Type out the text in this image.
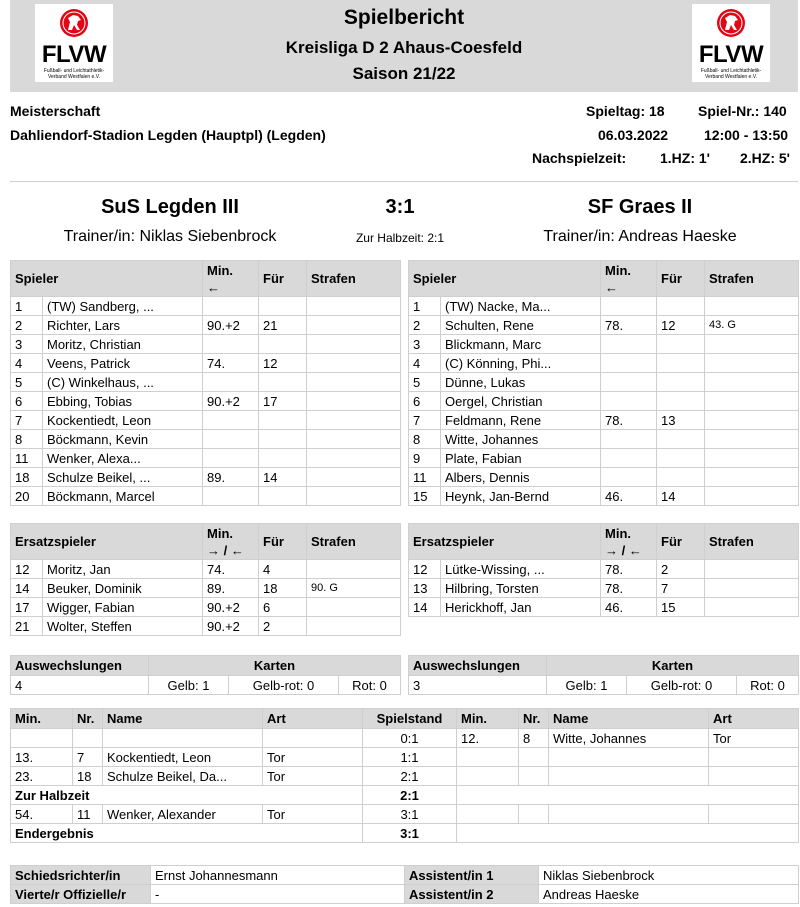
FLVW
Fußball- und Leichtathletik-Verband Westfalen e.V.
Spielbericht
Kreisliga D 2 Ahaus-Coesfeld
Saison 21/22
FLVW
Fußball- und Leichtathletik-Verband Westfalen e.V.
Meisterschaft
Dahliendorf-Stadion Legden (Hauptpl) (Legden)
Spieltag: 18 Spiel-Nr.: 140
06.03.2022	12:00 - 13:50
Nachspielzeit: 1.HZ: 1' 2.HZ: 5'
SuS Legden III	3:1	SF Graes II
Trainer/in: Niklas Siebenbrock	Zur Halbzeit: 2:1	Trainer/in: Andreas Haeske
Spieler		Min.
←	Für	Strafen
1	(TW) Sandberg, ...			
2	Richter, Lars	90.+2	21	
3	Moritz, Christian			
4	Veens, Patrick	74.	12	
5	(C) Winkelhaus, ...			
6	Ebbing, Tobias	90.+2	17	
7	Kockentiedt, Leon			
8	Böckmann, Kevin			
11	Wenker, Alexa...			
18	Schulze Beikel, ...	89.	14	
20	Böckmann, Marcel			
Spieler		Min.
←	Für	Strafen
1	(TW) Nacke, Ma...			
2	Schulten, Rene	78.	12	43. G
3	Blickmann, Marc			
4	(C) Könning, Phi...			
5	Dünne, Lukas			
6	Oergel, Christian			
7	Feldmann, Rene	78.	13	
8	Witte, Johannes			
9	Plate, Fabian			
11	Albers, Dennis			
15	Heynk, Jan-Bernd	46.	14	
Ersatzspieler		Min.
→ / ←	Für	Strafen
12	Moritz, Jan	74.	4	
14	Beuker, Dominik	89.	18	90. G
17	Wigger, Fabian	90.+2	6	
21	Wolter, Steffen	90.+2	2	
Ersatzspieler		Min.
→ / ←	Für	Strafen
12	Lütke-Wissing, ...	78.	2	
13	Hilbring, Torsten	78.	7	
14	Herickhoff, Jan	46.	15	
Auswechslungen	Karten		
4	Gelb: 1	Gelb-rot: 0	Rot: 0
Auswechslungen	Karten		
3	Gelb: 1	Gelb-rot: 0	Rot: 0
Min.	Nr.	Name	Art	Spielstand	Min.	Nr.	Name	Art
				0:1	12.	8	Witte, Johannes	Tor
13.	7	Kockentiedt, Leon	Tor	1:1				
23.	18	Schulze Beikel, Da...	Tor	2:1				
Zur Halbzeit				2:1				
54.	11	Wenker, Alexander	Tor	3:1				
Endergebnis				3:1				
Schiedsrichter/in	Ernst Johannesmann	Assistent/in 1	Niklas Siebenbrock
Vierte/r Offizielle/r	-	Assistent/in 2	Andreas Haeske
